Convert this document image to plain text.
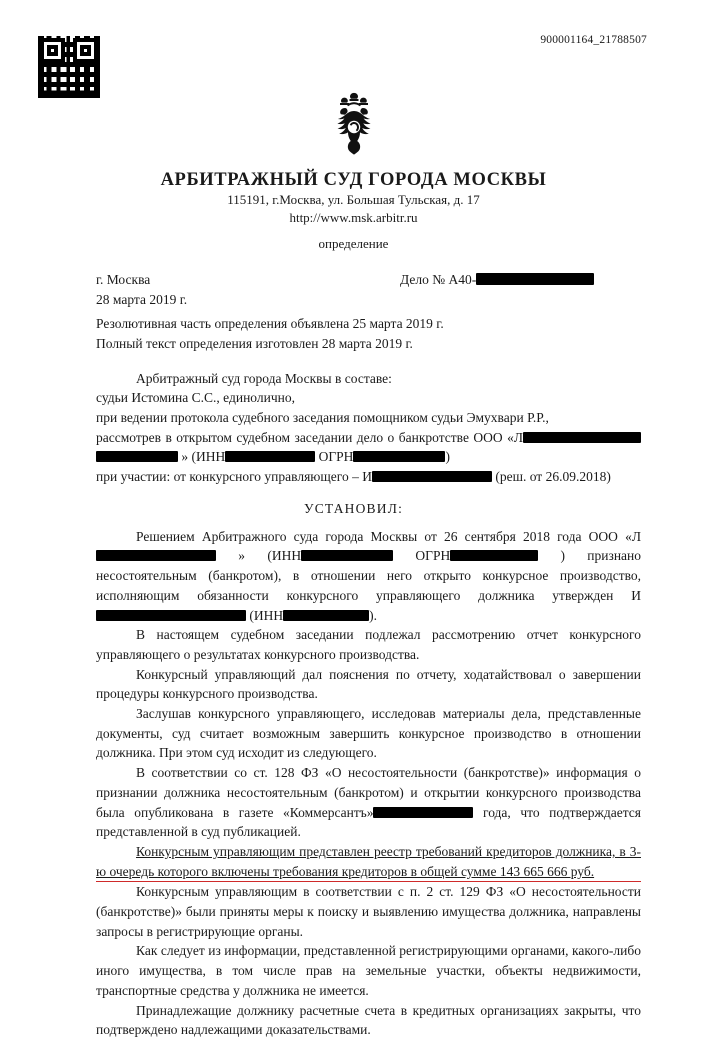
900001164_21788507
АРБИТРАЖНЫЙ СУД ГОРОДА МОСКВЫ
115191, г.Москва, ул. Большая Тульская, д. 17
http://www.msk.arbitr.ru
определение
г. Москва
28 марта 2019 г.
Дело № А40-

Резолютивная часть определения объявлена 25 марта 2019 г.

Полный текст определения изготовлен 28 марта 2019 г.

Арбитражный суд города Москвы в составе:

судьи Истомина С.С., единолично,

при ведении протокола судебного заседания помощником судьи Эмухвари Р.Р.,

рассмотрев в открытом судебном заседании дело о банкротстве ООО «Л » (ИНН	ОГРН	)

при участии: от конкурсного управляющего – И	(реш. от 26.09.2018)

УСТАНОВИЛ:

Решением Арбитражного суда города Москвы от 26 сентября 2018 года ООО «Л » (ИНН	ОГРН	) признано несостоятельным (банкротом), в отношении него открыто конкурсное производство, исполняющим обязанности конкурсного управляющего должника утвержден И (ИНН	).

В настоящем судебном заседании подлежал рассмотрению отчет конкурсного управляющего о результатах конкурсного производства.

Конкурсный управляющий дал пояснения по отчету, ходатайствовал о завершении процедуры конкурсного производства.

Заслушав конкурсного управляющего, исследовав материалы дела, представленные документы, суд считает возможным завершить конкурсное производство в отношении должника. При этом суд исходит из следующего.

В соответствии со ст. 128 ФЗ «О несостоятельности (банкротстве)» информация о признании должника несостоятельным (банкротом) и открытии конкурсного производства была опубликована в газете «Коммерсантъ»	года, что подтверждается представленной в суд публикацией.

Конкурсным управляющим представлен реестр требований кредиторов должника, в 3-ю очередь которого включены требования кредиторов в общей сумме 143 665 666 руб.

Конкурсным управляющим в соответствии с п. 2 ст. 129 ФЗ «О несостоятельности (банкротстве)» были приняты меры к поиску и выявлению имущества должника, направлены запросы в регистрирующие органы.

Как следует из информации, представленной регистрирующими органами, какого-либо иного имущества, в том числе прав на земельные участки, объекты недвижимости, транспортные средства у должника не имеется.

Принадлежащие должнику расчетные счета в кредитных организациях закрыты, что подтверждено надлежащими доказательствами.
